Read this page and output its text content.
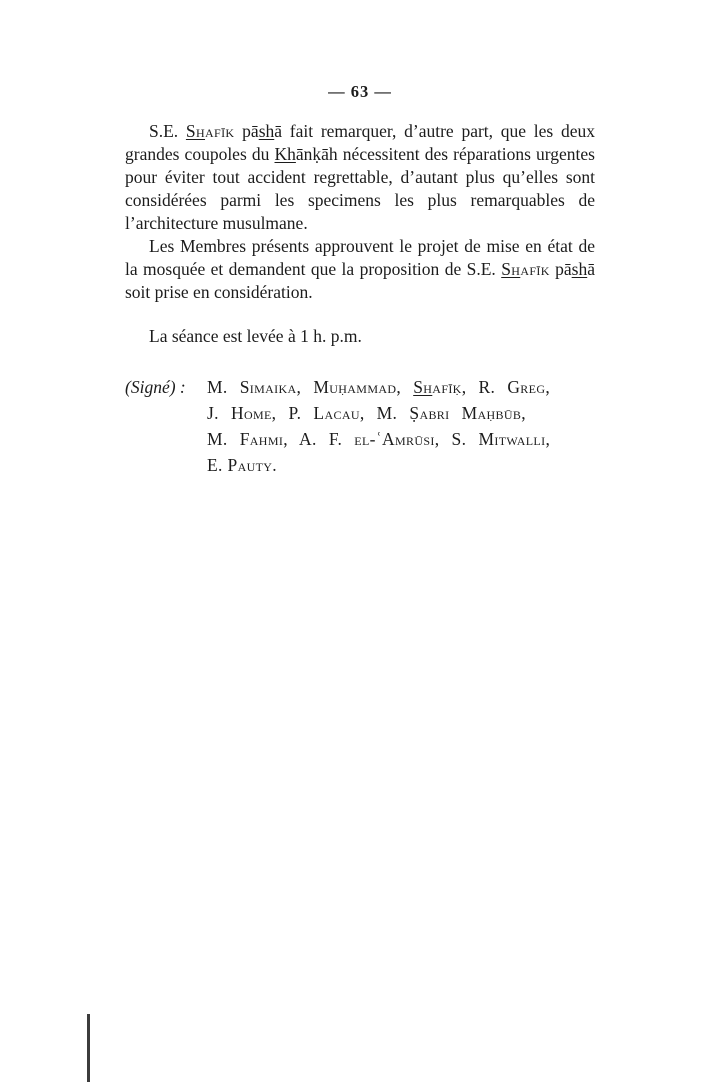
— 63 —

S.E. Shafīk pāshā fait remarquer, d’autre part, que les deux grandes coupoles du Khānḳāh nécessitent des réparations urgentes pour éviter tout accident regrettable, d’autant plus qu’elles sont considérées parmi les specimens les plus remarquables de l’architecture musulmane.

Les Membres présents approuvent le projet de mise en état de la mosquée et demandent que la proposition de S.E. Shafīk pāshā soit prise en considération.

La séance est levée à 1 h. p.m.

(Signé) :	M. Simaika, Muḥammad, Shafīḳ, R. Greg,
J. Home, P. Lacau, M. Ṣabri Maḥbūb,
M. Fahmi, A. F. el-ʿAmrūsi, S. Mitwalli,
E. Pauty.
